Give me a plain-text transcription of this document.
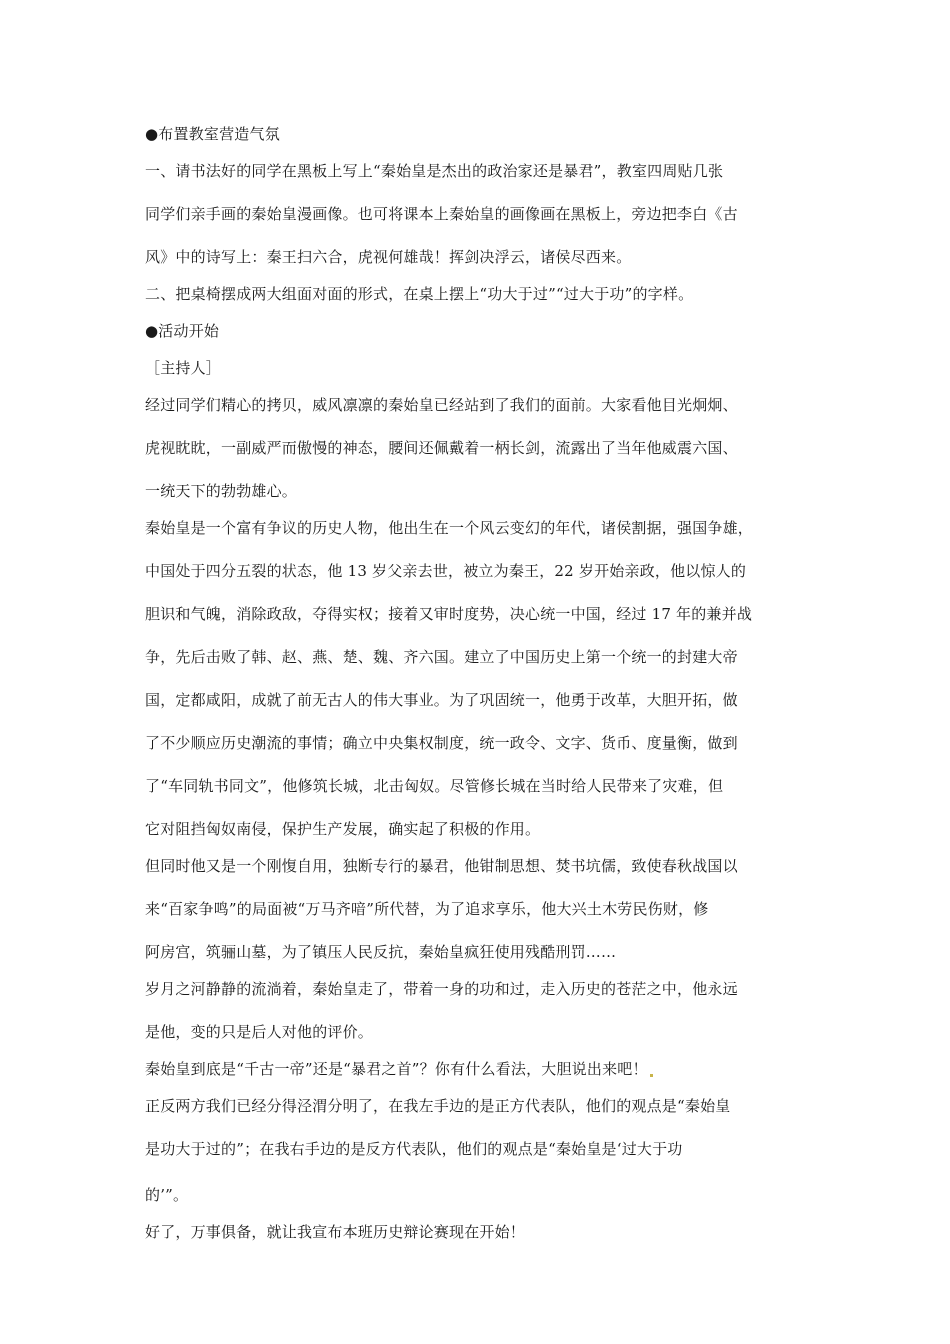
●布置教室营造气氛
一、请书法好的同学在黑板上写上“秦始皇是杰出的政治家还是暴君”，教室四周贴几张
同学们亲手画的秦始皇漫画像。也可将课本上秦始皇的画像画在黑板上，旁边把李白《古
风》中的诗写上：秦王扫六合，虎视何雄哉！挥剑决浮云，诸侯尽西来。
二、把桌椅摆成两大组面对面的形式，在桌上摆上“功大于过”“过大于功”的字样。
●活动开始
［主持人］
经过同学们精心的拷贝，威风凛凛的秦始皇已经站到了我们的面前。大家看他目光炯炯、
虎视眈眈，一副威严而傲慢的神态，腰间还佩戴着一柄长剑，流露出了当年他威震六国、
一统天下的勃勃雄心。
秦始皇是一个富有争议的历史人物，他出生在一个风云变幻的年代，诸侯割据，强国争雄，
中国处于四分五裂的状态，他 13 岁父亲去世，被立为秦王，22 岁开始亲政，他以惊人的
胆识和气魄，消除政敌，夺得实权；接着又审时度势，决心统一中国，经过 17 年的兼并战
争，先后击败了韩、赵、燕、楚、魏、齐六国。建立了中国历史上第一个统一的封建大帝
国，定都咸阳，成就了前无古人的伟大事业。为了巩固统一，他勇于改革，大胆开拓，做
了不少顺应历史潮流的事情；确立中央集权制度，统一政令、文字、货币、度量衡，做到
了“车同轨书同文”，他修筑长城，北击匈奴。尽管修长城在当时给人民带来了灾难，但
它对阻挡匈奴南侵，保护生产发展，确实起了积极的作用。
但同时他又是一个刚愎自用，独断专行的暴君，他钳制思想、焚书坑儒，致使春秋战国以
来“百家争鸣”的局面被“万马齐喑”所代替，为了追求享乐，他大兴土木劳民伤财，修
阿房宫，筑骊山墓，为了镇压人民反抗，秦始皇疯狂使用残酷刑罚……
岁月之河静静的流淌着，秦始皇走了，带着一身的功和过，走入历史的苍茫之中，他永远
是他，变的只是后人对他的评价。
秦始皇到底是“千古一帝”还是“暴君之首”？你有什么看法，大胆说出来吧！
正反两方我们已经分得泾渭分明了，在我左手边的是正方代表队，他们的观点是“秦始皇
是功大于过的”；在我右手边的是反方代表队，他们的观点是“秦始皇是‘过大于功
的’”。
好了，万事俱备，就让我宣布本班历史辩论赛现在开始！
